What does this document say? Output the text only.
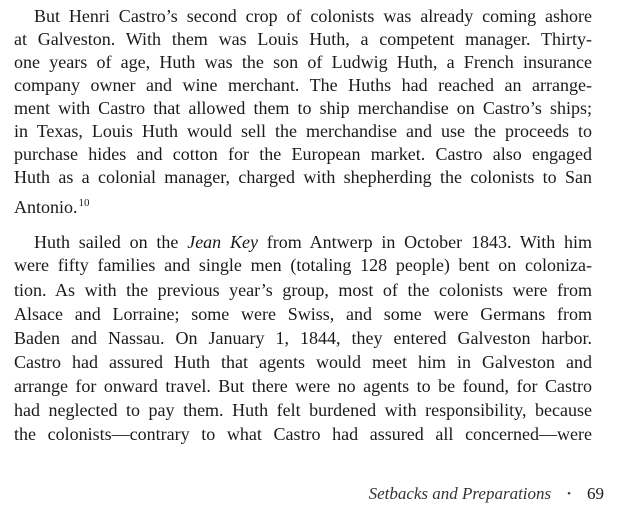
But Henri Castro’s second crop of colonists was already coming ashore
at Galveston. With them was Louis Huth, a competent manager. Thirty-
one years of age, Huth was the son of Ludwig Huth, a French insurance
company owner and wine merchant. The Huths had reached an arrange-
ment with Castro that allowed them to ship merchandise on Castro’s ships;
in Texas, Louis Huth would sell the merchandise and use the proceeds to
purchase hides and cotton for the European market. Castro also engaged
Huth as a colonial manager, charged with shepherding the colonists to San
Antonio.$^{10}$
Huth sailed on the Jean Key from Antwerp in October 1843. With him
were fifty families and single men (totaling 128 people) bent on coloniza-
tion. As with the previous year’s group, most of the colonists were from
Alsace and Lorraine; some were Swiss, and some were Germans from
Baden and Nassau. On January 1, 1844, they entered Galveston harbor.
Castro had assured Huth that agents would meet him in Galveston and
arrange for onward travel. But there were no agents to be found, for Castro
had neglected to pay them. Huth felt burdened with responsibility, because
the colonists—contrary to what Castro had assured all concerned—were
Setbacks and Preparations • 69
